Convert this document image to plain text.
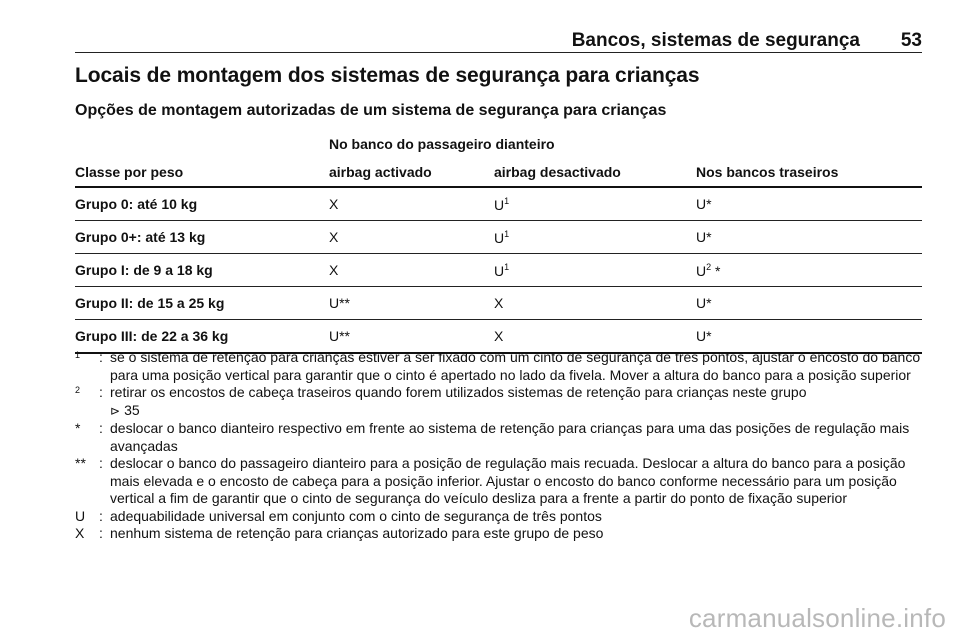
Bancos, sistemas de segurança 53
Locais de montagem dos sistemas de segurança para crianças
Opções de montagem autorizadas de um sistema de segurança para crianças
No banco do passageiro dianteiro
Classe por peso	airbag activado	airbag desactivado	Nos bancos traseiros
Grupo 0: até 10 kg	X	$U^1$	U*
Grupo 0+: até 13 kg	X	$U^1$	U*
Grupo I: de 9 a 18 kg	X	$U^1$	$U^2$ *
Grupo II: de 15 a 25 kg	U**	X	U*
Grupo III: de 22 a 36 kg	U**	X	U*
1 : se o sistema de retenção para crianças estiver a ser fixado com um cinto de segurança de três pontos, ajustar o encosto do banco para uma posição vertical para garantir que o cinto é apertado no lado da fivela. Mover a altura do banco para a posição superior
2 : retirar os encostos de cabeça traseiros quando forem utilizados sistemas de retenção para crianças neste grupo
⊳ 35
*	: deslocar o banco dianteiro respectivo em frente ao sistema de retenção para crianças para uma das posições de regulação mais avançadas
** : deslocar o banco do passageiro dianteiro para a posição de regulação mais recuada. Deslocar a altura do banco para a posição mais elevada e o encosto de cabeça para a posição inferior. Ajustar o encosto do banco conforme necessário para um posição vertical a fim de garantir que o cinto de segurança do veículo desliza para a frente a partir do ponto de fixação superior
U : adequabilidade universal em conjunto com o cinto de segurança de três pontos
X	: nenhum sistema de retenção para crianças autorizado para este grupo de peso
carmanualsonline.info
